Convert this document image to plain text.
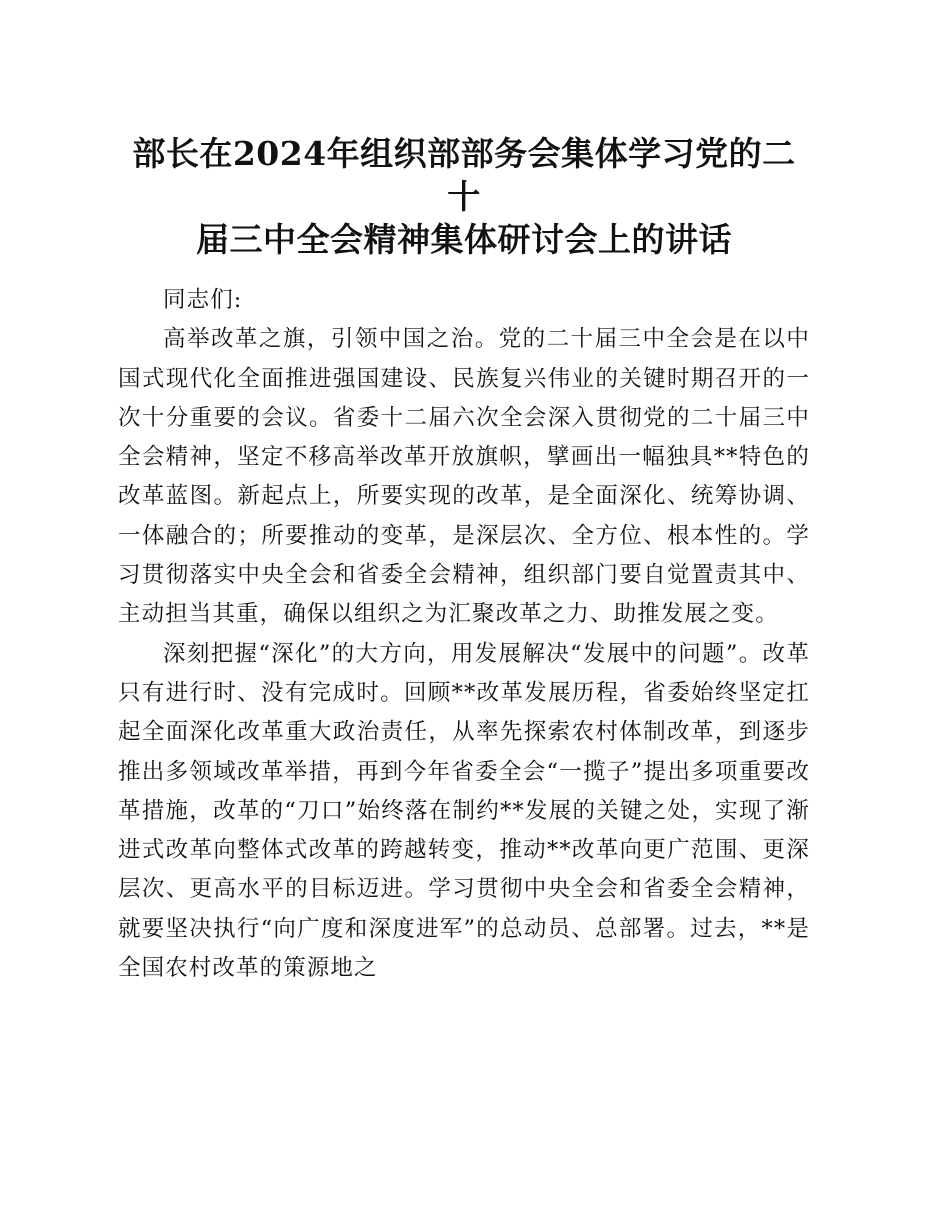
部长在2024年组织部部务会集体学习党的二十
届三中全会精神集体研讨会上的讲话

同志们:

高举改革之旗，引领中国之治。党的二十届三中全会是在以中国式现代化全面推进强国建设、民族复兴伟业的关键时期召开的一次十分重要的会议。省委十二届六次全会深入贯彻党的二十届三中全会精神，坚定不移高举改革开放旗帜，擘画出一幅独具**特色的改革蓝图。新起点上，所要实现的改革，是全面深化、统筹协调、一体融合的；所要推动的变革，是深层次、全方位、根本性的。学习贯彻落实中央全会和省委全会精神，组织部门要自觉置责其中、主动担当其重，确保以组织之为汇聚改革之力、助推发展之变。

深刻把握“深化”的大方向，用发展解决“发展中的问题”。改革只有进行时、没有完成时。回顾**改革发展历程，省委始终坚定扛起全面深化改革重大政治责任，从率先探索农村体制改革，到逐步推出多领域改革举措，再到今年省委全会“一揽子”提出多项重要改革措施，改革的“刀口”始终落在制约**发展的关键之处，实现了渐进式改革向整体式改革的跨越转变，推动**改革向更广范围、更深层次、更高水平的目标迈进。学习贯彻中央全会和省委全会精神，就要坚决执行“向广度和深度进军”的总动员、总部署。过去，**是全国农村改革的策源地之
